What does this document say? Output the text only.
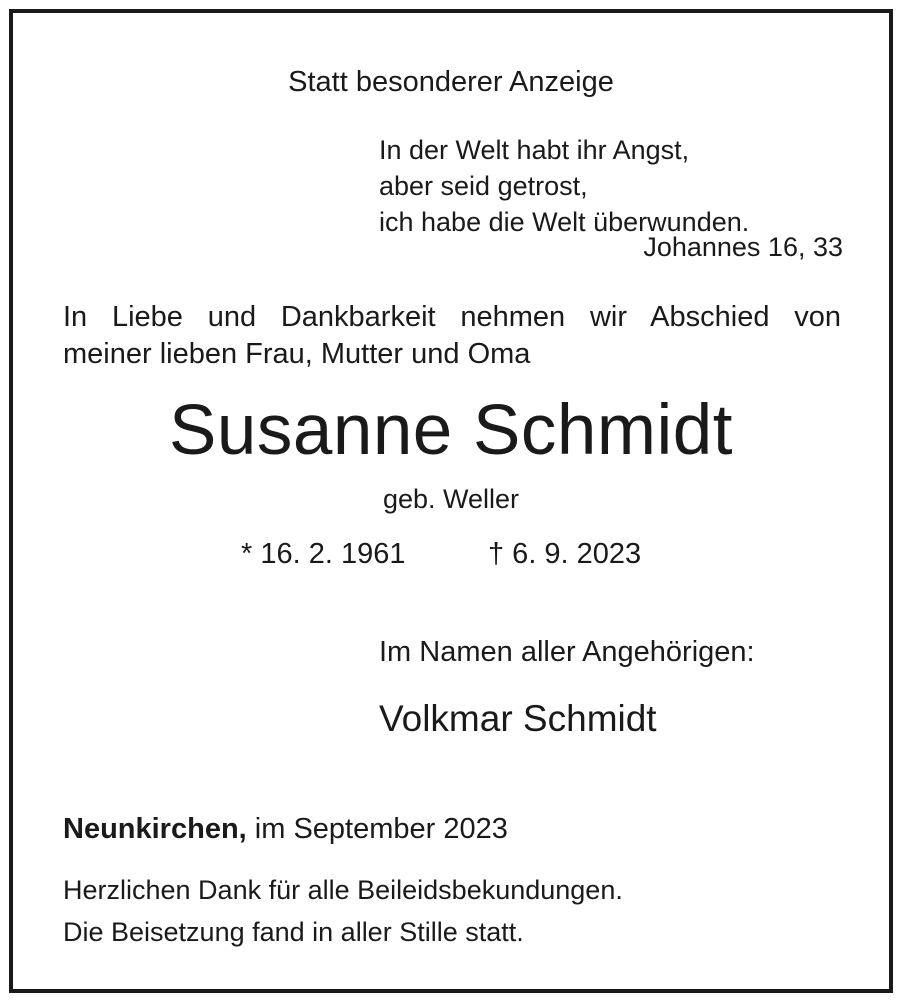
Statt besonderer Anzeige
In der Welt habt ihr Angst,
aber seid getrost,
ich habe die Welt überwunden.
Johannes 16, 33
In Liebe und Dankbarkeit nehmen wir Abschied von
meiner lieben Frau, Mutter und Oma
Susanne Schmidt
geb. Weller
* 16. 2. 1961	† 6. 9. 2023
Im Namen aller Angehörigen:
Volkmar Schmidt
Neunkirchen, im September 2023
Herzlichen Dank für alle Beileidsbekundungen.
Die Beisetzung fand in aller Stille statt.
